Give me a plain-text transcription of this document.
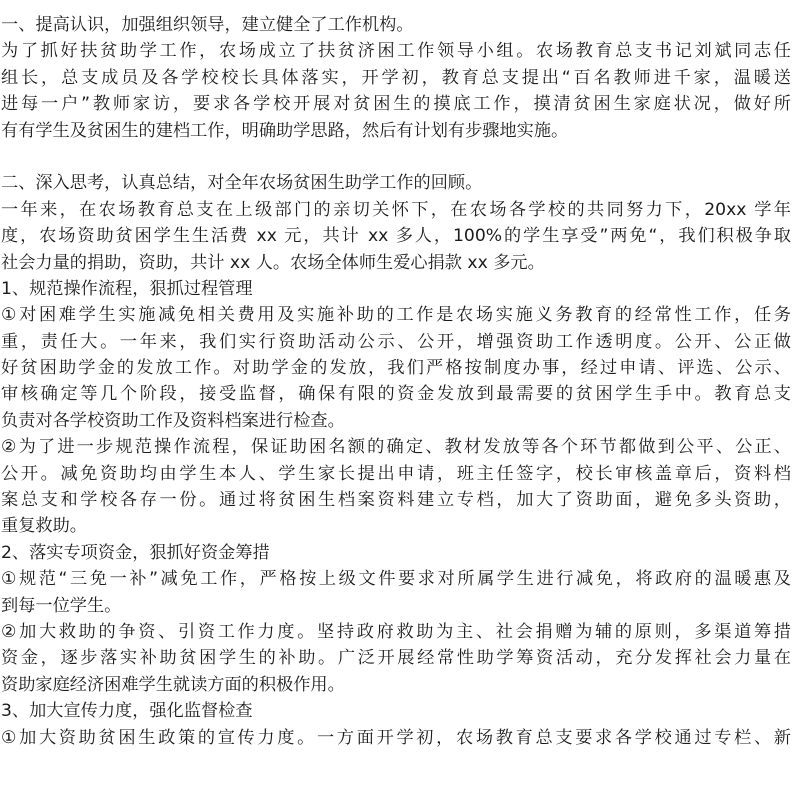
一、提高认识，加强组织领导，建立健全了工作机构。
为了抓好扶贫助学工作，农场成立了扶贫济困工作领导小组。农场教育总支书记刘斌同志任
组长，总支成员及各学校校长具体落实，开学初，教育总支提出“百名教师进千家，温暖送
进每一户”教师家访，要求各学校开展对贫困生的摸底工作，摸清贫困生家庭状况，做好所
有有学生及贫困生的建档工作，明确助学思路，然后有计划有步骤地实施。
二、深入思考，认真总结，对全年农场贫困生助学工作的回顾。
一年来，在农场教育总支在上级部门的亲切关怀下，在农场各学校的共同努力下，20xx 学年
度，农场资助贫困学生生活费 xx 元，共计 xx 多人，100%的学生享受”两免“，我们积极争取
社会力量的捐助，资助，共计 xx 人。农场全体师生爱心捐款 xx 多元。
1、规范操作流程，狠抓过程管理
①对困难学生实施减免相关费用及实施补助的工作是农场实施义务教育的经常性工作，任务
重，责任大。一年来，我们实行资助活动公示、公开，增强资助工作透明度。公开、公正做
好贫困助学金的发放工作。对助学金的发放，我们严格按制度办事，经过申请、评选、公示、
审核确定等几个阶段，接受监督，确保有限的资金发放到最需要的贫困学生手中。教育总支
负责对各学校资助工作及资料档案进行检查。
②为了进一步规范操作流程，保证助困名额的确定、教材发放等各个环节都做到公平、公正、
公开。减免资助均由学生本人、学生家长提出申请，班主任签字，校长审核盖章后，资料档
案总支和学校各存一份。通过将贫困生档案资料建立专档，加大了资助面，避免多头资助，
重复救助。
2、落实专项资金，狠抓好资金筹措
①规范“三免一补”减免工作，严格按上级文件要求对所属学生进行减免，将政府的温暖惠及
到每一位学生。
②加大救助的争资、引资工作力度。坚持政府救助为主、社会捐赠为辅的原则，多渠道筹措
资金，逐步落实补助贫困学生的补助。广泛开展经常性助学筹资活动，充分发挥社会力量在
资助家庭经济困难学生就读方面的积极作用。
3、加大宣传力度，强化监督检查
①加大资助贫困生政策的宣传力度。一方面开学初，农场教育总支要求各学校通过专栏、新
